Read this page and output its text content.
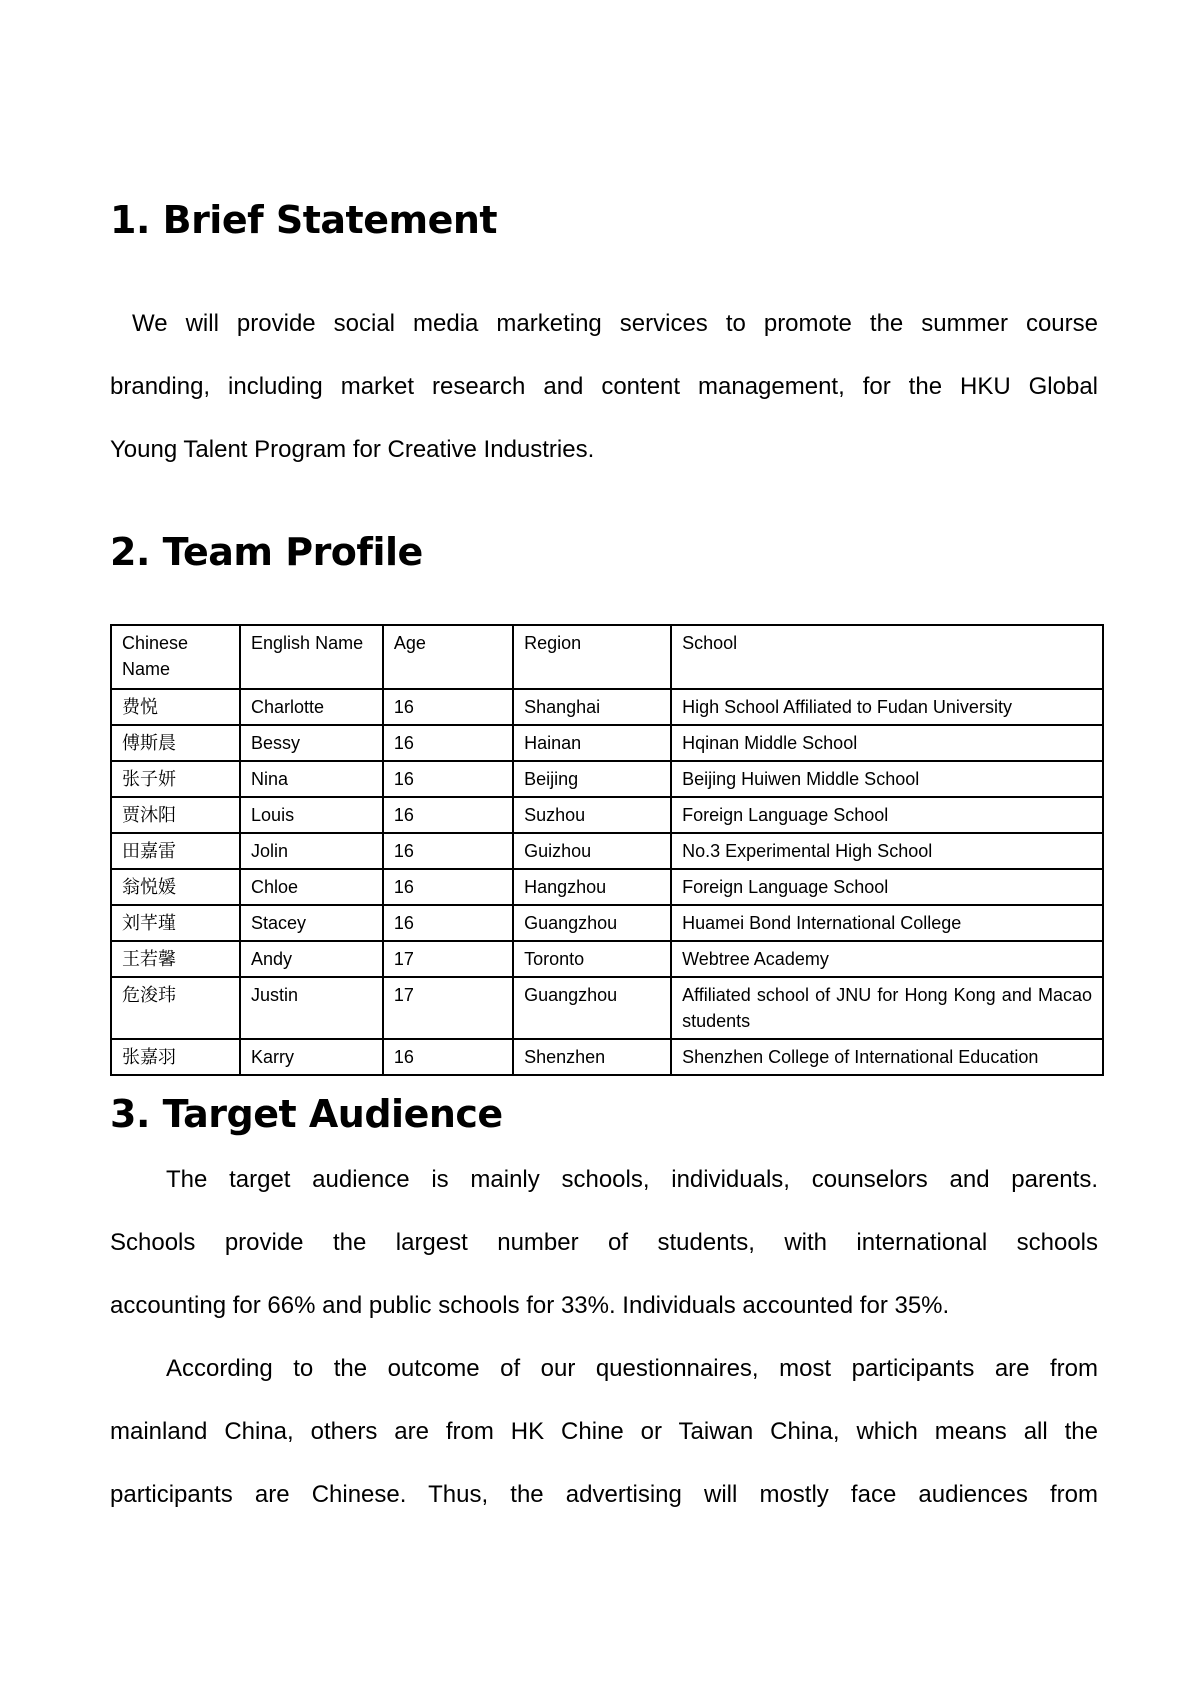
1. Brief Statement
We will provide social media marketing services to promote the summer course
branding, including market research and content management, for the HKU Global
Young Talent Program for Creative Industries.
2. Team Profile
Chinese Name	English Name	Age	Region	School
费悦	Charlotte	16	Shanghai	High School Affiliated to Fudan University
傅斯晨	Bessy	16	Hainan	Hqinan Middle School
张子妍	Nina	16	Beijing	Beijing Huiwen Middle School
贾沐阳	Louis	16	Suzhou	Foreign Language School
田嘉雷	Jolin	16	Guizhou	No.3 Experimental High School
翁悦媛	Chloe	16	Hangzhou	Foreign Language School
刘芊瑾	Stacey	16	Guangzhou	Huamei Bond International College
王若馨	Andy	17	Toronto	Webtree Academy
危浚玮	Justin	17	Guangzhou	Affiliated school of JNU for Hong Kong and Macao students
张嘉羽	Karry	16	Shenzhen	Shenzhen College of International Education
3. Target Audience
The target audience is mainly schools, individuals, counselors and parents.
Schools provide the largest number of students, with international schools
accounting for 66% and public schools for 33%. Individuals accounted for 35%.
According to the outcome of our questionnaires, most participants are from
mainland China, others are from HK Chine or Taiwan China, which means all the
participants are Chinese. Thus, the advertising will mostly face audiences from
